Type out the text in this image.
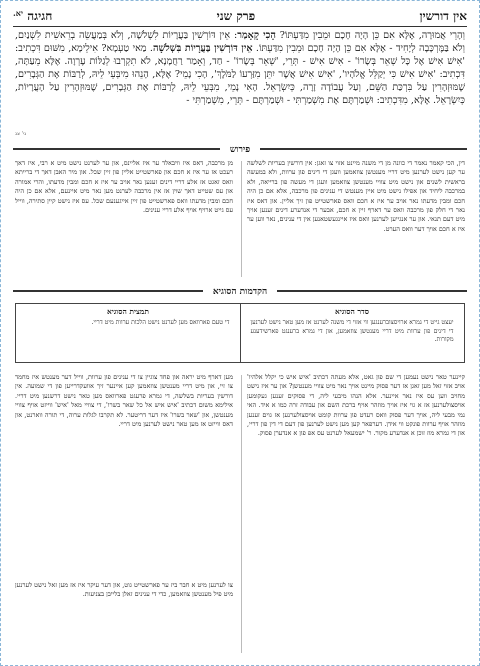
אין דורשין
פרק שני
חגיגה $^{יא.}$
וְהָרֵי אֲמוּרָה, אֶלָּא אִם כֵּן הָיָה חָכָם וּמֵבִין מִדַּעְתּוֹ? הָכִי קָאָמַר: אֵין דּוֹרְשִׁין בַּעֲרָיוֹת לִשְׁלֹשָׁה, וְלֹא בְּמַעֲשֵׂה בְרֵאשִׁית לִשְׁנַיִם, וְלֹא בַּמֶּרְכָּבָה לְיָחִיד - אֶלָּא אִם כֵּן הָיָה חָכָם וּמֵבִין מִדַּעְתּוֹ. אֵין דּוֹרְשִׁין בַּעֲרָיוֹת בִּשְׁלֹשָׁה. מַאי טַעְמָא? אִילֵימָא, מִשּׁוּם דִּכְתִיב: 'אִישׁ אִישׁ אֶל כָּל שְׁאֵר בְּשָׂרוֹ' - אִישׁ אִישׁ - תְּרֵי, 'שְׁאֵר בְּשָׂרוֹ' - חַד, וְאָמַר רַחֲמָנָא, לֹא תִקְרְבוּ לְגַלּוֹת עֶרְוָה. אֶלָּא מֵעַתָּה, דִּכְתִיב: 'אִישׁ אִישׁ כִּי יְקַלֵּל אֱלֹהָיו', 'אִישׁ אִישׁ אֲשֶׁר יִתֵּן מִזַּרְעוֹ לַמֹּלֶךְ', הָכִי נָמֵי? אֶלָּא, הָנֵהוּ מִיבְּעֵי לֵיהּ, לְרַבּוֹת אֶת הַגְּבָרִים, שֶׁמּוּזְהָרִין עַל בִּרְכַּת הַשֵּׁם, וְעַל עֲבוֹדָה זָרָה, כְּיִשְׂרָאֵל. הָאִי נָמֵי, מִבְּעֵי לֵיהּ, לְרַבּוֹת אֶת הַגְּבָרִים, שֶׁמּוּזְהָרִין עַל הָעֲרָיוֹת, כְּיִשְׂרָאֵל. אֶלָּא, מִדִּכְתִיב: וּשְׁמַרְתֶּם אֶת מִשְׁמַרְתִּי - וּשְׁמַרְתֶּם - תְּרֵי, מִשְׁמַרְתִּי -
גי' צג
פירוש
דין, הכי קאמר נאמר די כוונה מן די משנה מיינט אזוי צו זאגן: אין דורשין בעריות לשלשה ער קען נישט לערנען מיט דריי מענטשן צוזאמען וועגן די דינים פון ערוות, ולא במעשה בראשית לשנים און נישט מיט צוויי מענטשן צוזאמען וועגן די מעשה פון ברייאה, ולא במרכבה ליחיד און אפילו נישט מיט איין מענטש די ענינים פון מרכבה, אלא אם כן היה חכם ומבין מדעתו נאר אויב ער איז א חכם וואס פארשטייט פון זיך אליין. און דאס איז נאר די חלק פון מרכבה וואס ער דארף זיין א חכם, אבער די אנדערע דינים זענען אויך מיט דעם תנאי. און ער אנגייען לערנען וואס איז איינגעשטאנען אין די ענינים, נאר ווען ער איז א חכם אויך דער וואס הערט.
מן מרכבה, דאס איז וויבאלד ער איז אליינס, און ער לערנט נישט מיט א רבי, איז דאך רעכט אז ער איז א חכם און פארשטייט אליין פון זיין שכל. און מיר האבן דאך די ברייתא וואס זאגט אז אלע דריי דינים זענען נאר אויב ער איז א חכם ומבין מדעתו, והרי אמורה און עס שטייט דאך שוין אז אין מרכבה לערנט מען נאר מיט איינעם, אלא אם כן היה חכם ומבין מדעתו וואס פארשטייט פון זיין אייגענעם שכל. עס איז נישט קיין סתירה, ווייל עס גייט ארויף אויף אלע דריי ענינים.
הקדמות הסוגיא
סדר הסוגיא
יעצט גייט די גמרא ארויסצוברענגען ווי אזוי די משנה לערנט אז מען טאר נישט לערנען די דינים פון ערוות מיט דריי מענטשן צוזאמען, און די גמרא ברענגט פארשידענע מקורות.
תמצית הסוגיא
די טעם פארוואס מען לערנט נישט הלכות ערוות מיט דריי.
קיינער טאר נישט נעמען די שם פון גאט, אלא מעתה דכתיב 'איש איש כי יקלל אלהיו' אויב אזוי זאל מען זאגן אז דער פסוק מיינט אויך נאר מיט צוויי מענטשן? און ער איז נישט מחויב ווען עס איז נאר איינער. אלא הנהו מיבעי ליה, די פסוקים זענען געקומען אויסצולערנען אז א גוי איז אויך מוזהר אויף ברכת השם און עבודה זרה כמו א איד. האי נמי מבעי ליה, אויך דער פסוק וואס רעדט פון ערוות קומט אויסצולערנען אז גוים זענען מוזהר אויף ערוות פונקט ווי אידן. דערפאר קען מען נישט לערנען פון דעם די דין פון דריי, און די גמרא מוז זוכן א אנדערע מקור. ר' ישמעאל לערנט עס אפ פון א אנדערן פסוק.
מען דארף מיט יראה און פחד צוגיין צו די ענינים פון ערוות, ווייל דער מענטש איז מחמד צו זיי, און מיט דריי מענטשן צוזאמען קען איינער זיך אוועקדרייען פון די שמועה. אין דורשין בעריות בשלשה, די גמרא פרעגט פארוואס מען טאר נישט דרשנען מיט דריי. אילימא משום דכתיב 'איש איש אל כל שאר בשרו', די צוויי מאל 'איש' ווייזט אויף צוויי מענטשן, און 'שאר בשרו' איז דער דריטער. לא תקרבו לגלות ערוה, די תורה ווארנט, און דאס ווייזט אז מען טאר נישט לערנען מיט דריי.
צו לערנען מיט א חבר ביז ער פארשטייט גוט, און דער עיקר איז אז מען זאל נישט לערנען מיט פיל מענטשן צוזאמען, כדי די ענינים זאלן בלייבן בצניעות.
